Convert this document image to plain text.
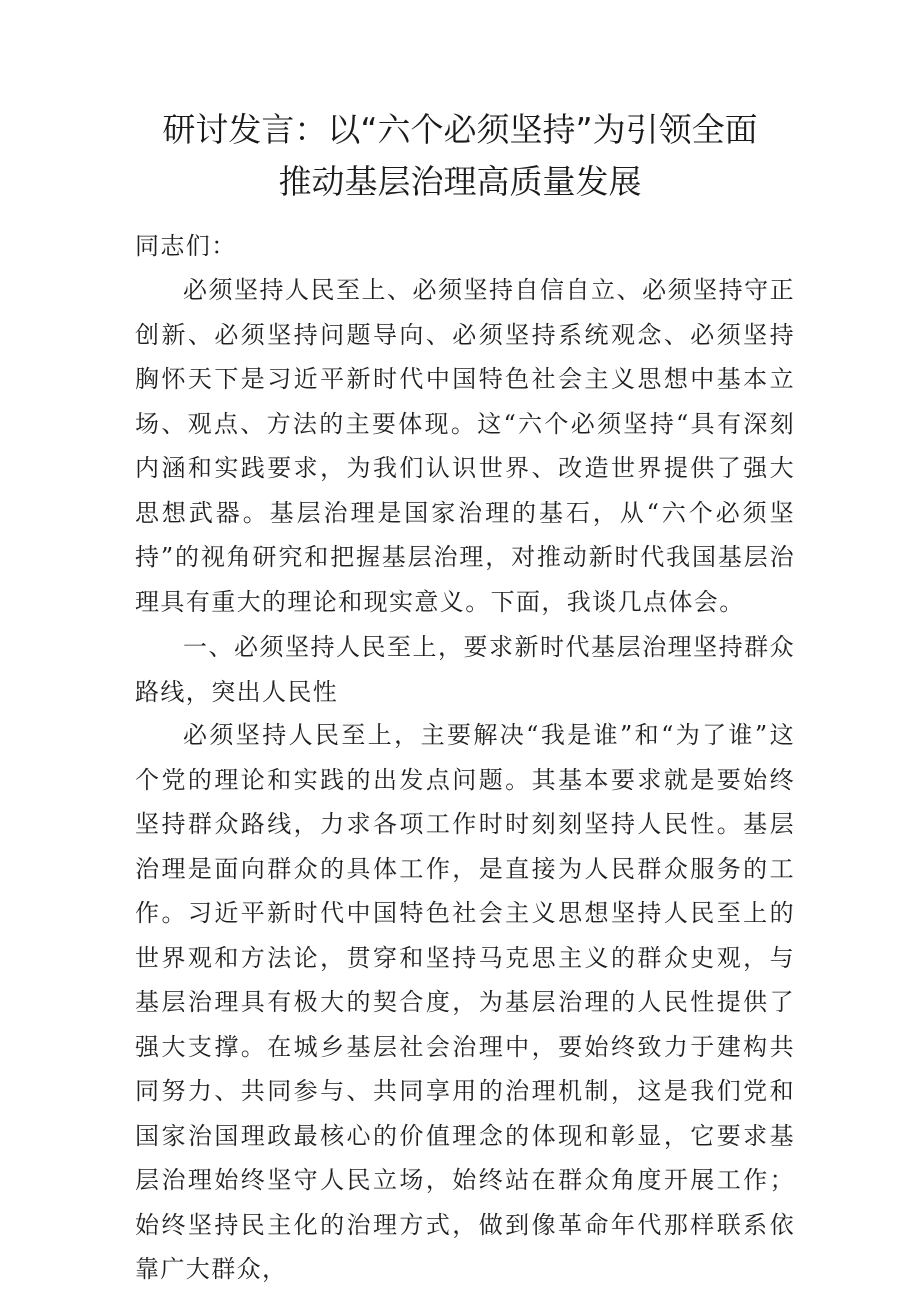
研讨发言：以“六个必须坚持”为引领全面
推动基层治理高质量发展

同志们：

必须坚持人民至上、必须坚持自信自立、必须坚持守正创新、必须坚持问题导向、必须坚持系统观念、必须坚持胸怀天下是习近平新时代中国特色社会主义思想中基本立场、观点、方法的主要体现。这“六个必须坚持“具有深刻内涵和实践要求，为我们认识世界、改造世界提供了强大思想武器。基层治理是国家治理的基石，从“六个必须坚持”的视角研究和把握基层治理，对推动新时代我国基层治理具有重大的理论和现实意义。下面，我谈几点体会。

一、必须坚持人民至上，要求新时代基层治理坚持群众路线，突出人民性

必须坚持人民至上，主要解决“我是谁”和“为了谁”这个党的理论和实践的出发点问题。其基本要求就是要始终坚持群众路线，力求各项工作时时刻刻坚持人民性。基层治理是面向群众的具体工作，是直接为人民群众服务的工作。习近平新时代中国特色社会主义思想坚持人民至上的世界观和方法论，贯穿和坚持马克思主义的群众史观，与基层治理具有极大的契合度，为基层治理的人民性提供了强大支撑。在城乡基层社会治理中，要始终致力于建构共同努力、共同参与、共同享用的治理机制，这是我们党和国家治国理政最核心的价值理念的体现和彰显，它要求基层治理始终坚守人民立场，始终站在群众角度开展工作；始终坚持民主化的治理方式，做到像革命年代那样联系依靠广大群众，
